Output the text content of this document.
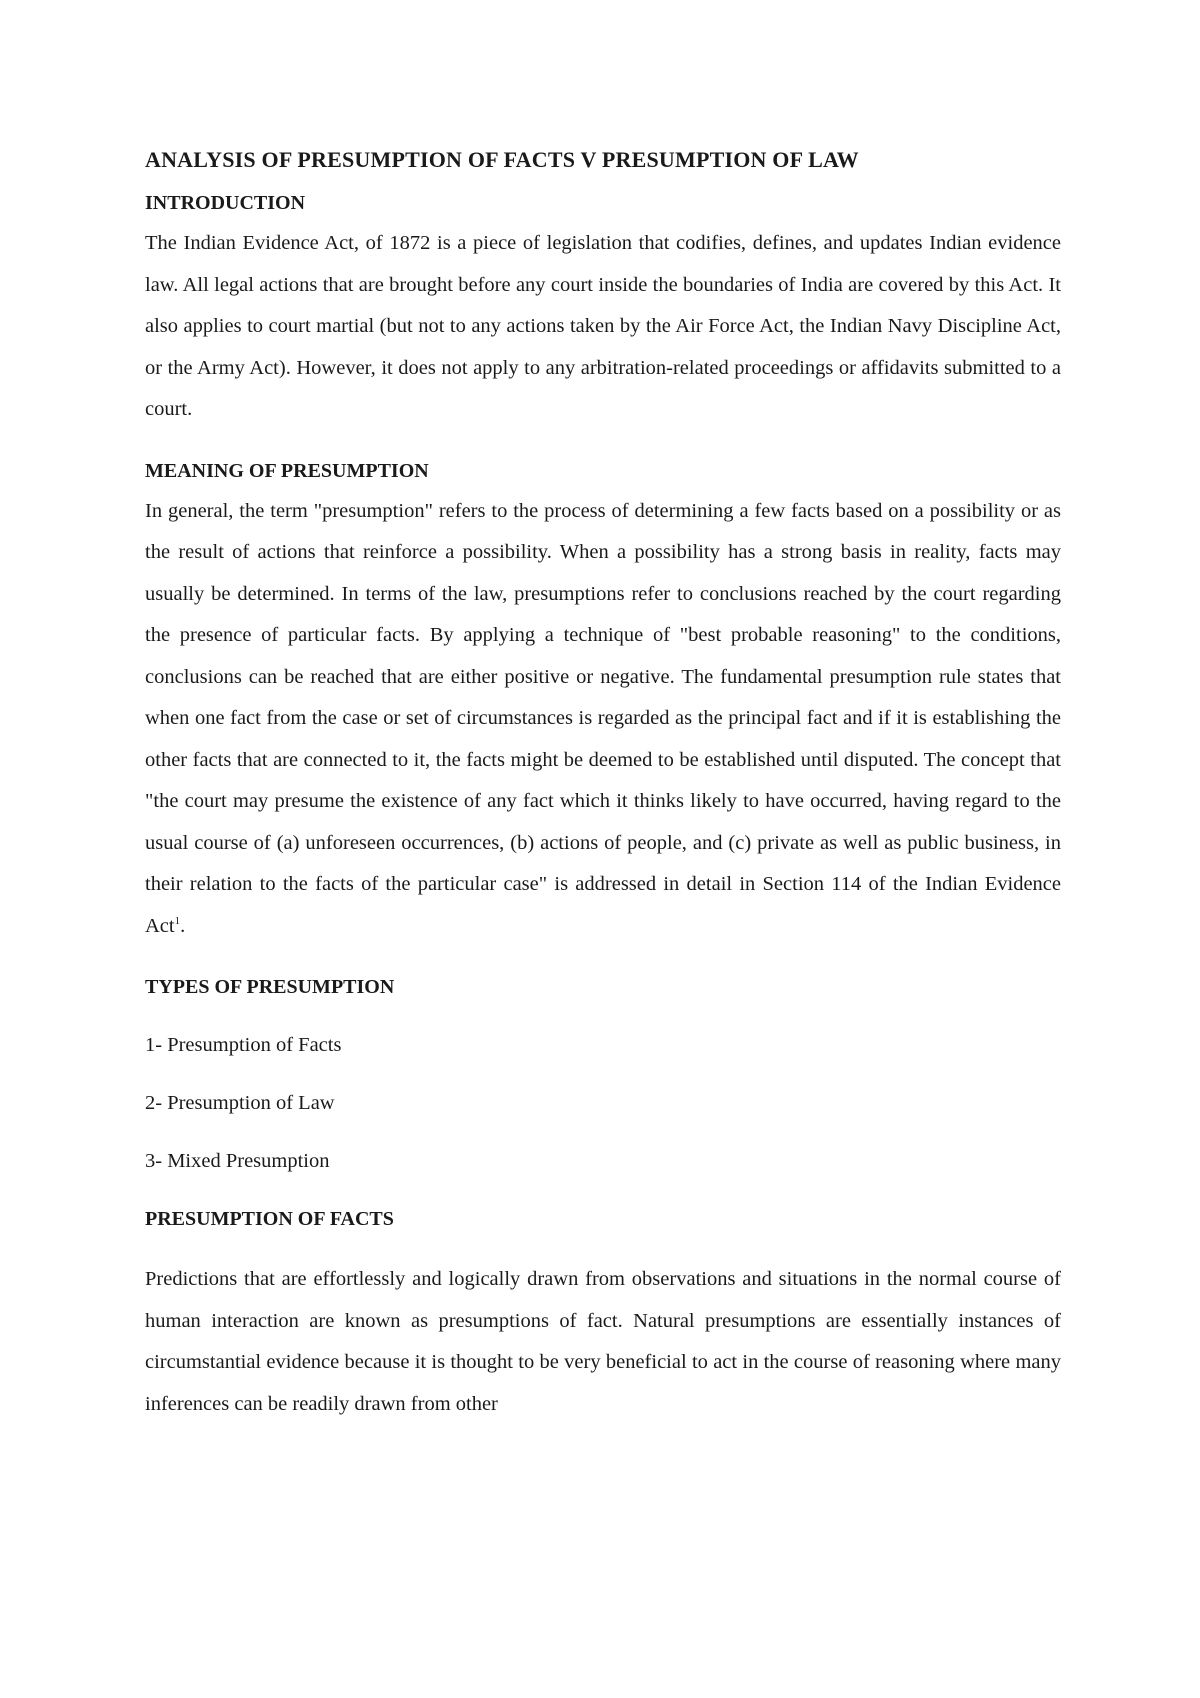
ANALYSIS OF PRESUMPTION OF FACTS V PRESUMPTION OF LAW
INTRODUCTION

The Indian Evidence Act, of 1872 is a piece of legislation that codifies, defines, and updates Indian evidence law. All legal actions that are brought before any court inside the boundaries of India are covered by this Act. It also applies to court martial (but not to any actions taken by the Air Force Act, the Indian Navy Discipline Act, or the Army Act). However, it does not apply to any arbitration-related proceedings or affidavits submitted to a court.

MEANING OF PRESUMPTION

In general, the term "presumption" refers to the process of determining a few facts based on a possibility or as the result of actions that reinforce a possibility. When a possibility has a strong basis in reality, facts may usually be determined. In terms of the law, presumptions refer to conclusions reached by the court regarding the presence of particular facts. By applying a technique of "best probable reasoning" to the conditions, conclusions can be reached that are either positive or negative. The fundamental presumption rule states that when one fact from the case or set of circumstances is regarded as the principal fact and if it is establishing the other facts that are connected to it, the facts might be deemed to be established until disputed. The concept that "the court may presume the existence of any fact which it thinks likely to have occurred, having regard to the usual course of (a) unforeseen occurrences, (b) actions of people, and (c) private as well as public business, in their relation to the facts of the particular case" is addressed in detail in Section 114 of the Indian Evidence Act$^1$.

TYPES OF PRESUMPTION

1- Presumption of Facts

2- Presumption of Law

3- Mixed Presumption

PRESUMPTION OF FACTS

Predictions that are effortlessly and logically drawn from observations and situations in the normal course of human interaction are known as presumptions of fact. Natural presumptions are essentially instances of circumstantial evidence because it is thought to be very beneficial to act in the course of reasoning where many inferences can be readily drawn from other
